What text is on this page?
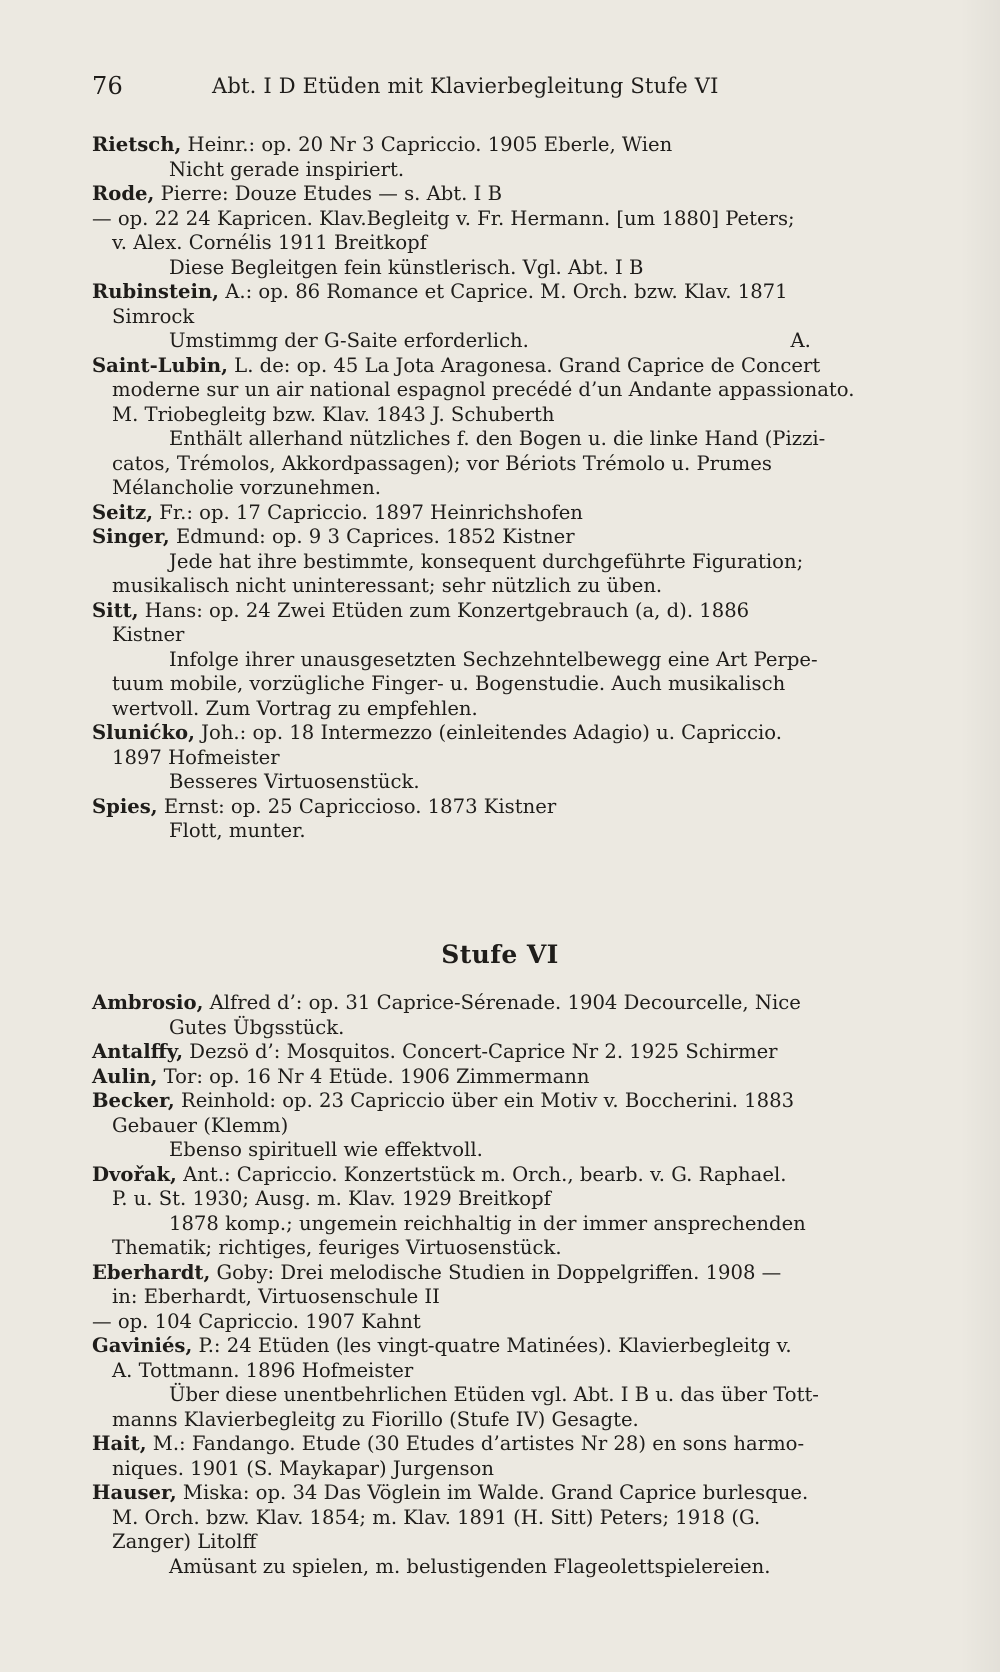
76	Abt. I D Etüden mit Klavierbegleitung Stufe VI
Rietsch, Heinr.: op. 20 Nr 3 Capriccio. 1905 Eberle, Wien
Nicht gerade inspiriert.
Rode, Pierre: Douze Etudes — s. Abt. I B
— op. 22 24 Kapricen. Klav.Begleitg v. Fr. Hermann. [um 1880] Peters;
v. Alex. Cornélis 1911 Breitkopf
Diese Begleitgen fein künstlerisch. Vgl. Abt. I B
Rubinstein, A.: op. 86 Romance et Caprice. M. Orch. bzw. Klav. 1871
Simrock
Umstimmg der G-Saite erforderlich.                                          A.
Saint-Lubin, L. de: op. 45 La Jota Aragonesa. Grand Caprice de Concert
moderne sur un air national espagnol precédé d’un Andante appassionato.
M. Triobegleitg bzw. Klav. 1843 J. Schuberth
Enthält allerhand nützliches f. den Bogen u. die linke Hand (Pizzi-
catos, Trémolos, Akkordpassagen); vor Bériots Trémolo u. Prumes
Mélancholie vorzunehmen.
Seitz, Fr.: op. 17 Capriccio. 1897 Heinrichshofen
Singer, Edmund: op. 9 3 Caprices. 1852 Kistner
Jede hat ihre bestimmte, konsequent durchgeführte Figuration;
musikalisch nicht uninteressant; sehr nützlich zu üben.
Sitt, Hans: op. 24 Zwei Etüden zum Konzertgebrauch (a, d). 1886
Kistner
Infolge ihrer unausgesetzten Sechzehntelbewegg eine Art Perpe-
tuum mobile, vorzügliche Finger- u. Bogenstudie. Auch musikalisch
wertvoll. Zum Vortrag zu empfehlen.
Slunićko, Joh.: op. 18 Intermezzo (einleitendes Adagio) u. Capriccio.
1897 Hofmeister
Besseres Virtuosenstück.
Spies, Ernst: op. 25 Capriccioso. 1873 Kistner
Flott, munter.
Stufe VI
Ambrosio, Alfred d’: op. 31 Caprice-Sérenade. 1904 Decourcelle, Nice
Gutes Übgsstück.
Antalffy, Dezsö d’: Mosquitos. Concert-Caprice Nr 2. 1925 Schirmer
Aulin, Tor: op. 16 Nr 4 Etüde. 1906 Zimmermann
Becker, Reinhold: op. 23 Capriccio über ein Motiv v. Boccherini. 1883
Gebauer (Klemm)
Ebenso spirituell wie effektvoll.
Dvořak, Ant.: Capriccio. Konzertstück m. Orch., bearb. v. G. Raphael.
P. u. St. 1930; Ausg. m. Klav. 1929 Breitkopf
1878 komp.; ungemein reichhaltig in der immer ansprechenden
Thematik; richtiges, feuriges Virtuosenstück.
Eberhardt, Goby: Drei melodische Studien in Doppelgriffen. 1908 —
in: Eberhardt, Virtuosenschule II
— op. 104 Capriccio. 1907 Kahnt
Gaviniés, P.: 24 Etüden (les vingt-quatre Matinées). Klavierbegleitg v.
A. Tottmann. 1896 Hofmeister
Über diese unentbehrlichen Etüden vgl. Abt. I B u. das über Tott-
manns Klavierbegleitg zu Fiorillo (Stufe IV) Gesagte.
Hait, M.: Fandango. Etude (30 Etudes d’artistes Nr 28) en sons harmo-
niques. 1901 (S. Maykapar) Jurgenson
Hauser, Miska: op. 34 Das Vöglein im Walde. Grand Caprice burlesque.
M. Orch. bzw. Klav. 1854; m. Klav. 1891 (H. Sitt) Peters; 1918 (G.
Zanger) Litolff
Amüsant zu spielen, m. belustigenden Flageolettspielereien.
